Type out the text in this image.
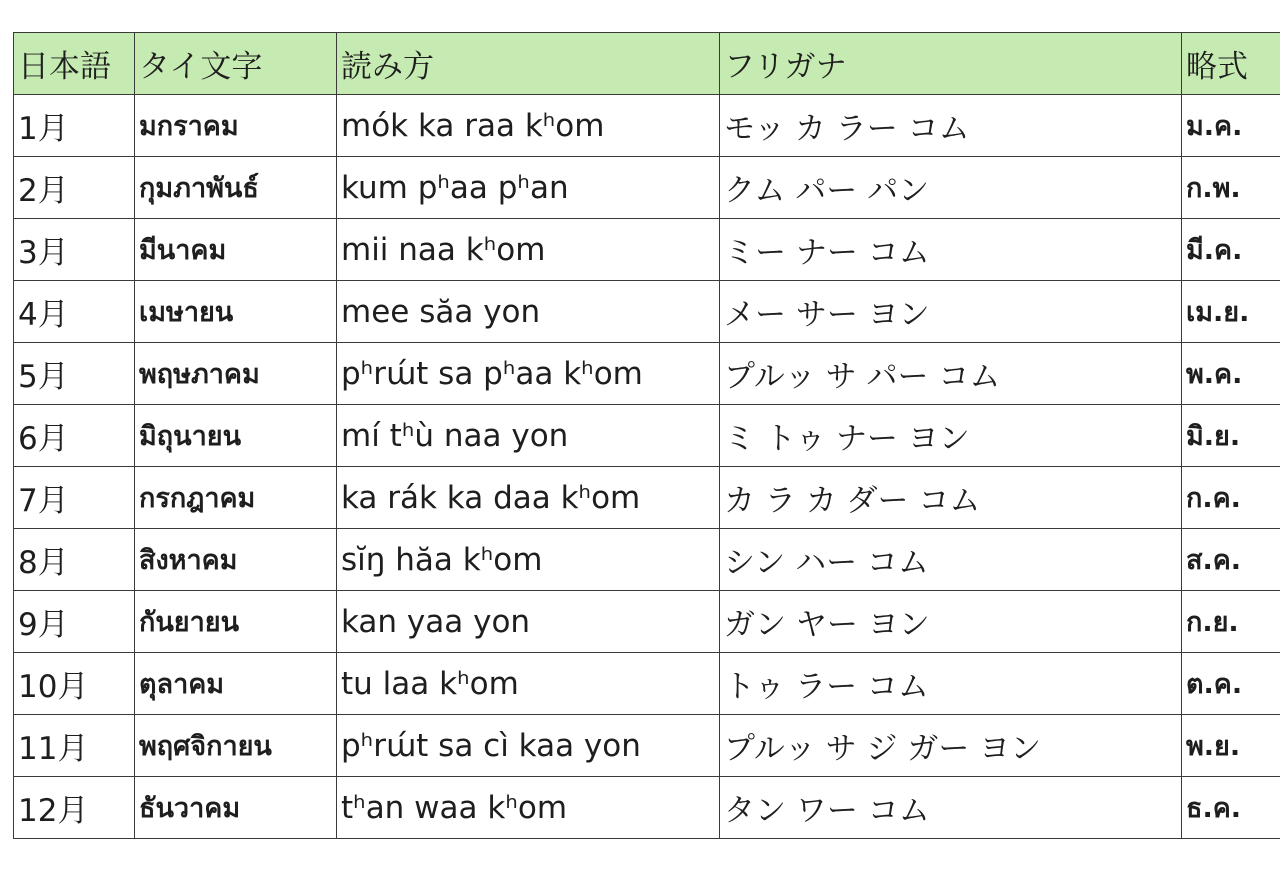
日本語	タイ文字	読み方	フリガナ	略式
1月	มกราคม	mók ka raa kʰom	モッ カ ラー コム	ม.ค.
2月	กุมภาพันธ์	kum pʰaa pʰan	クム パー パン	ก.พ.
3月	มีนาคม	mii naa kʰom	ミー ナー コム	มี.ค.
4月	เมษายน	mee săa yon	メー サー ヨン	เม.ย.
5月	พฤษภาคม	pʰrɯ́t sa pʰaa kʰom	プルッ サ パー コム	พ.ค.
6月	มิถุนายน	mí tʰù naa yon	ミ トゥ ナー ヨン	มิ.ย.
7月	กรกฎาคม	ka rák ka daa kʰom	カ ラ カ ダー コム	ก.ค.
8月	สิงหาคม	sĭŋ hăa kʰom	シン ハー コム	ส.ค.
9月	กันยายน	kan yaa yon	ガン ヤー ヨン	ก.ย.
10月	ตุลาคม	tu laa kʰom	トゥ ラー コム	ต.ค.
11月	พฤศจิกายน	pʰrɯ́t sa cì kaa yon	プルッ サ ジ ガー ヨン	พ.ย.
12月	ธันวาคม	tʰan waa kʰom	タン ワー コム	ธ.ค.
